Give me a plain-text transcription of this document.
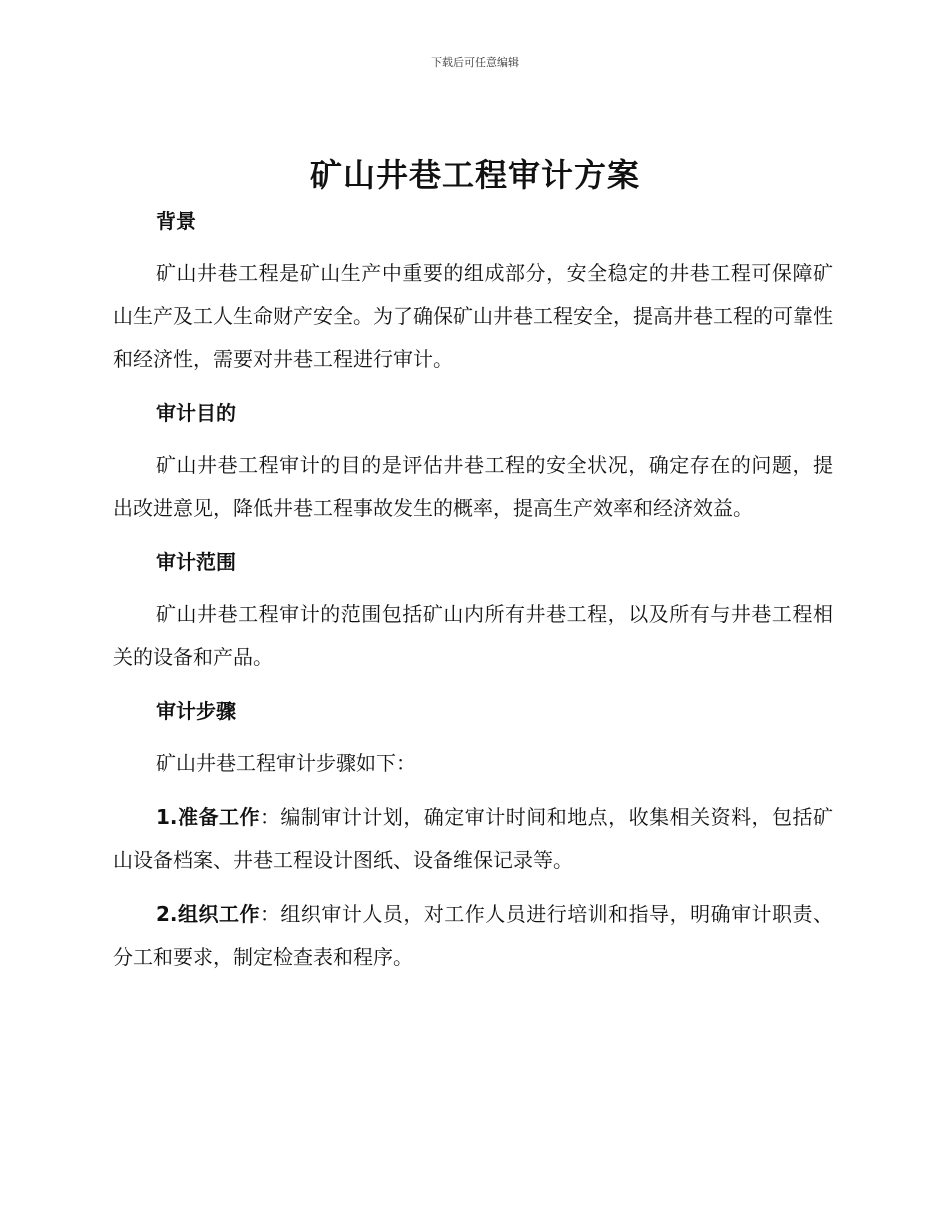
下载后可任意编辑
矿山井巷工程审计方案

背景

矿山井巷工程是矿山生产中重要的组成部分，安全稳定的井巷工程可保障矿山生产及工人生命财产安全。为了确保矿山井巷工程安全，提高井巷工程的可靠性和经济性，需要对井巷工程进行审计。

审计目的

矿山井巷工程审计的目的是评估井巷工程的安全状况，确定存在的问题，提出改进意见，降低井巷工程事故发生的概率，提高生产效率和经济效益。

审计范围

矿山井巷工程审计的范围包括矿山内所有井巷工程，以及所有与井巷工程相关的设备和产品。

审计步骤

矿山井巷工程审计步骤如下：

1.准备工作：编制审计计划，确定审计时间和地点，收集相关资料，包括矿山设备档案、井巷工程设计图纸、设备维保记录等。

2.组织工作：组织审计人员，对工作人员进行培训和指导，明确审计职责、分工和要求，制定检查表和程序。
